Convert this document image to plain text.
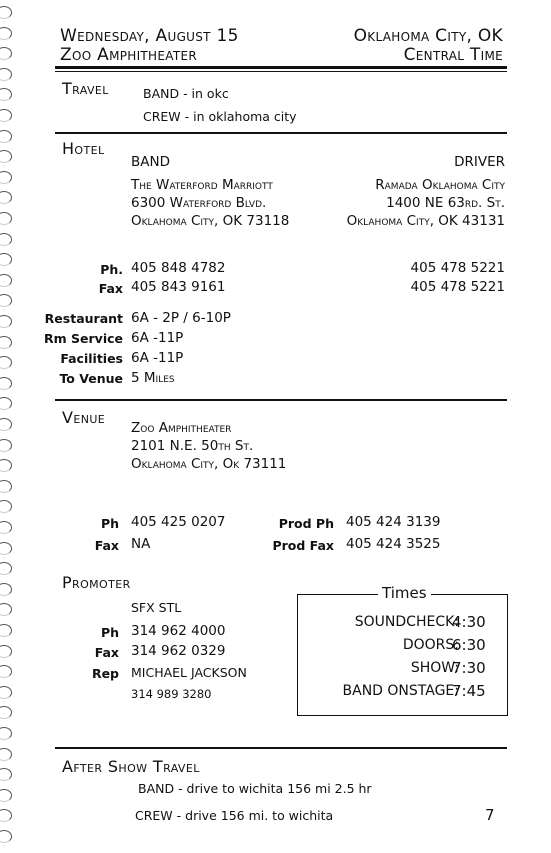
Wednesday, August 15
Zoo Amphitheater
Oklahoma City, OK
Central Time
Travel	BAND - in okc
CREW - in oklahoma city
Hotel
BAND	DRIVER
The Waterford Marriott
6300 Waterford Blvd.
Oklahoma City, OK 73118
Ramada Oklahoma City
1400 NE 63rd. St.
Oklahoma City, OK 43131
Ph. 405 848 4782	405 478 5221
Fax 405 843 9161	405 478 5221
Restaurant 6A - 2P / 6-10P
Rm Service 6A -11P
Facilities 6A -11P
To Venue 5 Miles
Venue
Zoo Amphitheater
2101 N.E. 50th St.
Oklahoma City, Ok 73111
Ph 405 425 0207
Fax NA
Prod Ph 405 424 3139
Prod Fax 405 424 3525
Promoter
SFX STL
Ph 314 962 4000
Fax 314 962 0329
Rep MICHAEL JACKSON
314 989 3280
Times
SOUNDCHECK:
4:30
DOORS:
6:30
SHOW:
7:30
BAND ONSTAGE:
7:45
After Show Travel
BAND - drive to wichita 156 mi 2.5 hr
CREW - drive 156 mi. to wichita	7
